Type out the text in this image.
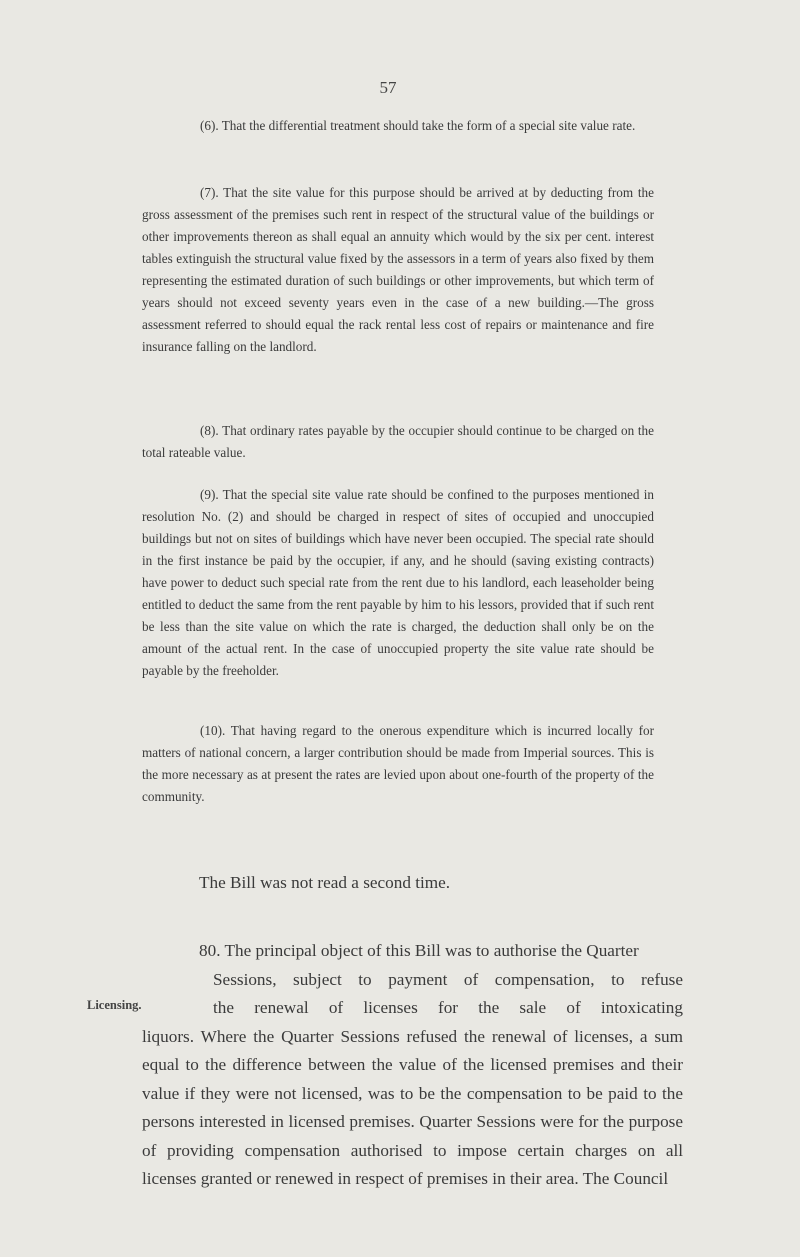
57

(6). That the differential treatment should take the form of a special site value rate.

(7). That the site value for this purpose should be arrived at by deducting from the gross assessment of the premises such rent in respect of the structural value of the buildings or other improvements thereon as shall equal an annuity which would by the six per cent. interest tables extinguish the structural value fixed by the assessors in a term of years also fixed by them representing the estimated duration of such buildings or other improvements, but which term of years should not exceed seventy years even in the case of a new building.—The gross assessment referred to should equal the rack rental less cost of repairs or maintenance and fire insurance falling on the landlord.

(8). That ordinary rates payable by the occupier should continue to be charged on the total rateable value.

(9). That the special site value rate should be confined to the purposes mentioned in resolution No. (2) and should be charged in respect of sites of occupied and unoccupied buildings but not on sites of buildings which have never been occupied. The special rate should in the first instance be paid by the occupier, if any, and he should (saving existing contracts) have power to deduct such special rate from the rent due to his landlord, each leaseholder being entitled to deduct the same from the rent payable by him to his lessors, provided that if such rent be less than the site value on which the rate is charged, the deduction shall only be on the amount of the actual rent. In the case of unoccupied property the site value rate should be payable by the freeholder.

(10). That having regard to the onerous expenditure which is incurred locally for matters of national concern, a larger contribution should be made from Imperial sources. This is the more necessary as at present the rates are levied upon about one-fourth of the property of the community.

The Bill was not read a second time.

Licensing.
80. The principal object of this Bill was to authorise the Quarter
Sessions, subject to payment of compensation, to refuse
the renewal of licenses for the sale of intoxicating
liquors. Where the Quarter Sessions refused the renewal of licenses, a sum equal to the difference between the value of the licensed premises and their value if they were not licensed, was to be the compensation to be paid to the persons interested in licensed premises. Quarter Sessions were for the purpose of providing compensation authorised to impose certain charges on all licenses granted or renewed in respect of premises in their area. The Council
